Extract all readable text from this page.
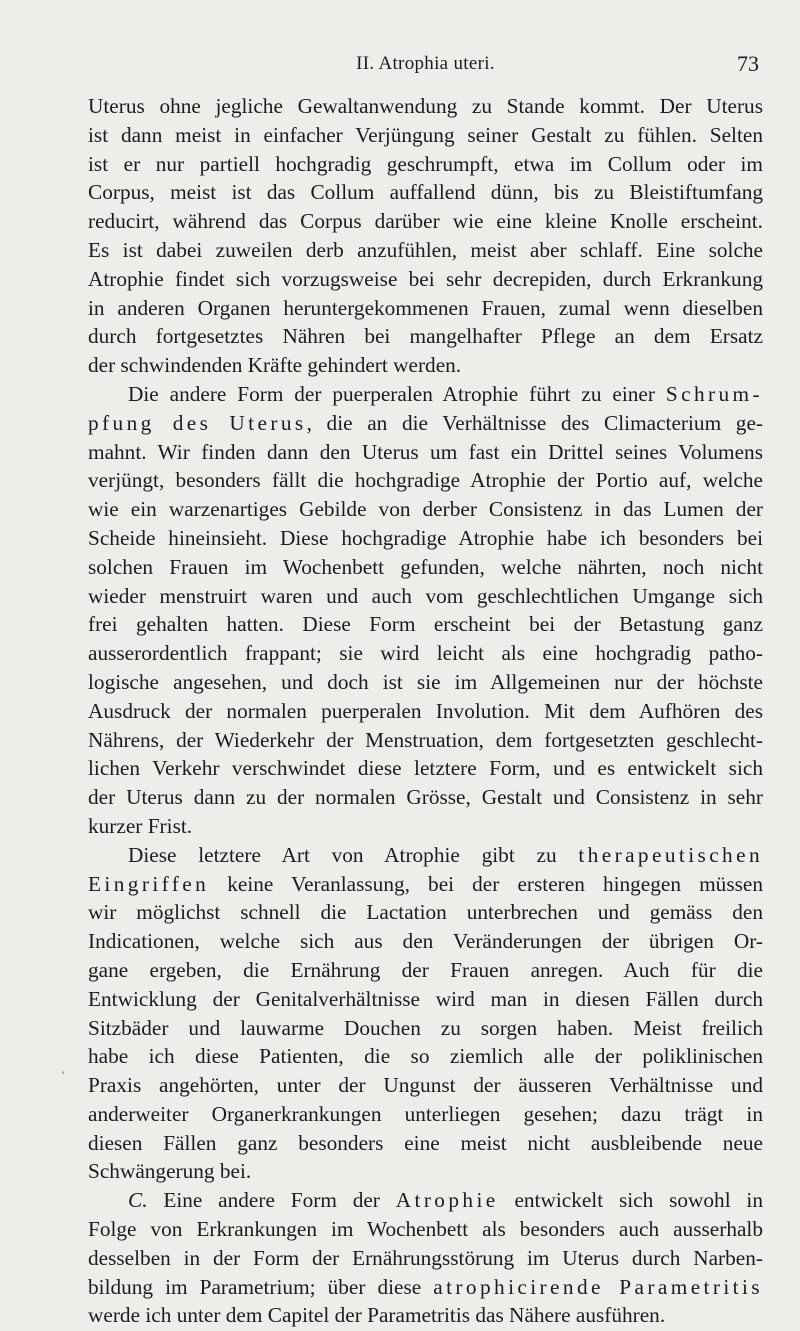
II. Atrophia uteri.	73
'
Uterus ohne jegliche Gewaltanwendung zu Stande kommt. Der Uterus
ist dann meist in einfacher Verjüngung seiner Gestalt zu fühlen. Selten
ist er nur partiell hochgradig geschrumpft, etwa im Collum oder im
Corpus, meist ist das Collum auffallend dünn, bis zu Bleistiftumfang
reducirt, während das Corpus darüber wie eine kleine Knolle erscheint.
Es ist dabei zuweilen derb anzufühlen, meist aber schlaff. Eine solche
Atrophie findet sich vorzugsweise bei sehr decrepiden, durch Erkrankung
in anderen Organen heruntergekommenen Frauen, zumal wenn dieselben
durch fortgesetztes Nähren bei mangelhafter Pflege an dem Ersatz
der schwindenden Kräfte gehindert werden.
Die andere Form der puerperalen Atrophie führt zu einer Schrum-
pfung des Uterus, die an die Verhältnisse des Climacterium ge-
mahnt. Wir finden dann den Uterus um fast ein Drittel seines Volumens
verjüngt, besonders fällt die hochgradige Atrophie der Portio auf, welche
wie ein warzenartiges Gebilde von derber Consistenz in das Lumen der
Scheide hineinsieht. Diese hochgradige Atrophie habe ich besonders bei
solchen Frauen im Wochenbett gefunden, welche nährten, noch nicht
wieder menstruirt waren und auch vom geschlechtlichen Umgange sich
frei gehalten hatten. Diese Form erscheint bei der Betastung ganz
ausserordentlich frappant; sie wird leicht als eine hochgradig patho-
logische angesehen, und doch ist sie im Allgemeinen nur der höchste
Ausdruck der normalen puerperalen Involution. Mit dem Aufhören des
Nährens, der Wiederkehr der Menstruation, dem fortgesetzten geschlecht-
lichen Verkehr verschwindet diese letztere Form, und es entwickelt sich
der Uterus dann zu der normalen Grösse, Gestalt und Consistenz in sehr
kurzer Frist.
Diese letztere Art von Atrophie gibt zu therapeutischen
Eingriffen keine Veranlassung, bei der ersteren hingegen müssen
wir möglichst schnell die Lactation unterbrechen und gemäss den
Indicationen, welche sich aus den Veränderungen der übrigen Or-
gane ergeben, die Ernährung der Frauen anregen. Auch für die
Entwicklung der Genitalverhältnisse wird man in diesen Fällen durch
Sitzbäder und lauwarme Douchen zu sorgen haben. Meist freilich
habe ich diese Patienten, die so ziemlich alle der poliklinischen
Praxis angehörten, unter der Ungunst der äusseren Verhältnisse und
anderweiter Organerkrankungen unterliegen gesehen; dazu trägt in
diesen Fällen ganz besonders eine meist nicht ausbleibende neue
Schwängerung bei.
C. Eine andere Form der Atrophie entwickelt sich sowohl in
Folge von Erkrankungen im Wochenbett als besonders auch ausserhalb
desselben in der Form der Ernährungsstörung im Uterus durch Narben-
bildung im Parametrium; über diese atrophicirende Parametritis
werde ich unter dem Capitel der Parametritis das Nähere ausführen.
